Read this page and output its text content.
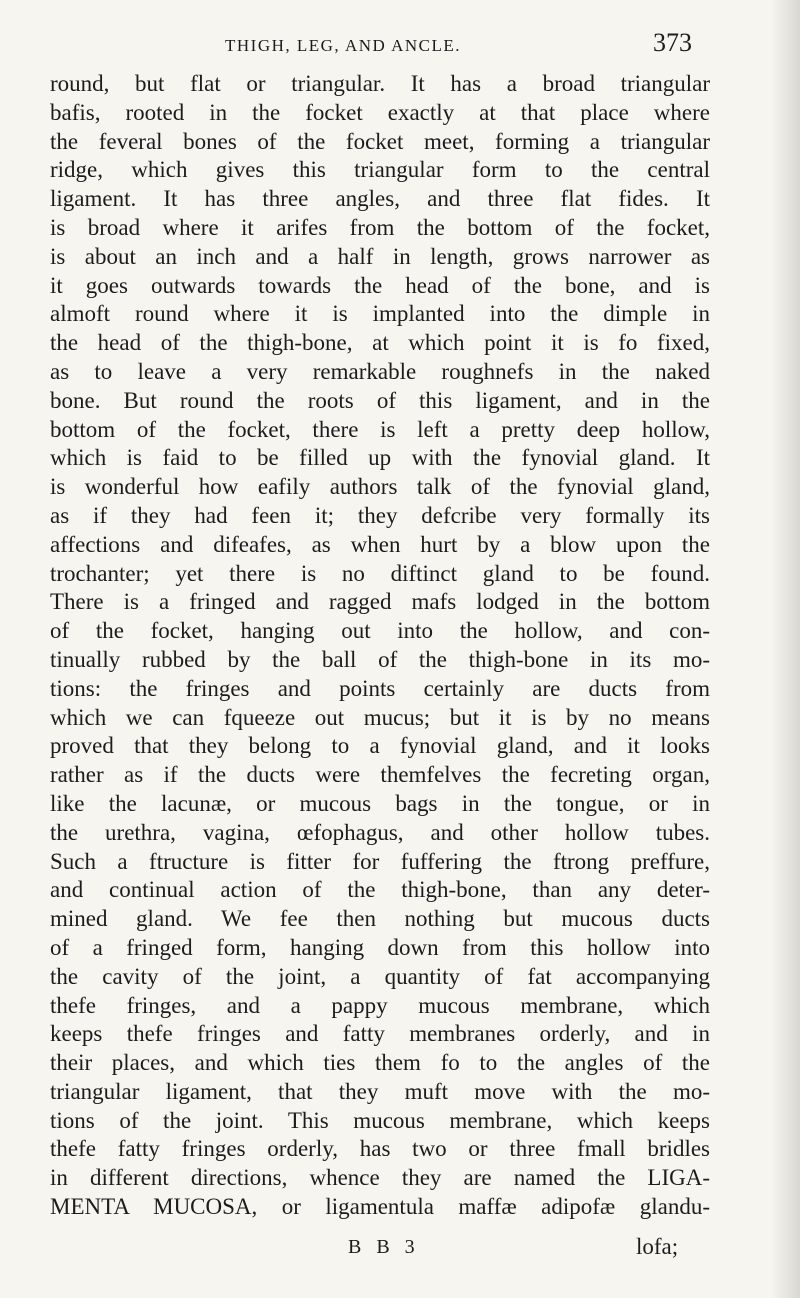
THIGH, LEG, AND ANCLE.	373
round, but flat or triangular. It has a broad triangular
bafis, rooted in the focket exactly at that place where
the feveral bones of the focket meet, forming a triangular
ridge, which gives this triangular form to the central
ligament. It has three angles, and three flat fides. It
is broad where it arifes from the bottom of the focket,
is about an inch and a half in length, grows narrower as
it goes outwards towards the head of the bone, and is
almoft round where it is implanted into the dimple in
the head of the thigh-bone, at which point it is fo fixed,
as to leave a very remarkable roughnefs in the naked
bone. But round the roots of this ligament, and in the
bottom of the focket, there is left a pretty deep hollow,
which is faid to be filled up with the fynovial gland. It
is wonderful how eafily authors talk of the fynovial gland,
as if they had feen it; they defcribe very formally its
affections and difeafes, as when hurt by a blow upon the
trochanter; yet there is no diftinct gland to be found.
There is a fringed and ragged mafs lodged in the bottom
of the focket, hanging out into the hollow, and con-
tinually rubbed by the ball of the thigh-bone in its mo-
tions: the fringes and points certainly are ducts from
which we can fqueeze out mucus; but it is by no means
proved that they belong to a fynovial gland, and it looks
rather as if the ducts were themfelves the fecreting organ,
like the lacunæ, or mucous bags in the tongue, or in
the urethra, vagina, œfophagus, and other hollow tubes.
Such a ftructure is fitter for fuffering the ftrong preffure,
and continual action of the thigh-bone, than any deter-
mined gland. We fee then nothing but mucous ducts
of a fringed form, hanging down from this hollow into
the cavity of the joint, a quantity of fat accompanying
thefe fringes, and a pappy mucous membrane, which
keeps thefe fringes and fatty membranes orderly, and in
their places, and which ties them fo to the angles of the
triangular ligament, that they muft move with the mo-
tions of the joint. This mucous membrane, which keeps
thefe fatty fringes orderly, has two or three fmall bridles
in different directions, whence they are named the LIGA-
MENTA MUCOSA, or ligamentula maffæ adipofæ glandu-
B B 3	lofa;
